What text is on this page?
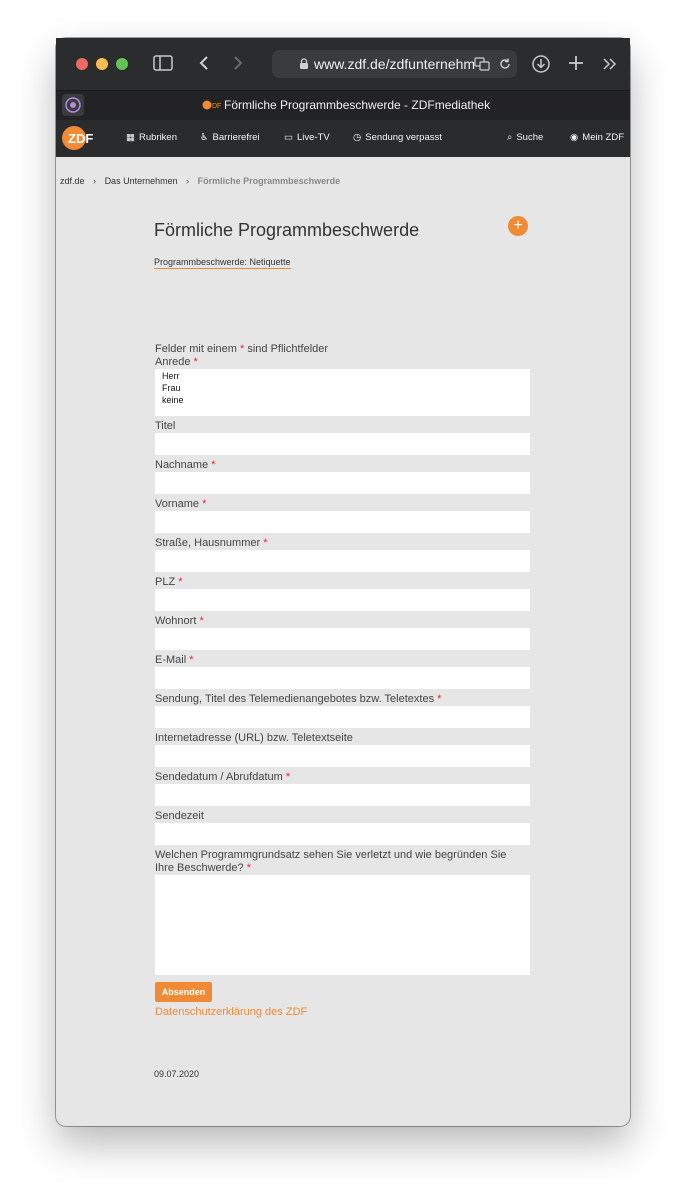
www.zdf.de/zdfunternehm
DF Förmliche Programmbeschwerde - ZDFmediathek
ZDF	▦ Rubriken ♿ Barrierefrei	▭ Live-TV ◷ Sendung verpasst	⌕ Suche	◉ Mein ZDF
zdf.de › Das Unternehmen › Förmliche Programmbeschwerde
Förmliche Programmbeschwerde	+
Programmbeschwerde: Netiquette
Felder mit einem * sind Pflichtfelder
Anrede *
Herr
Frau
keine
Titel
Nachname *
Vorname *
Straße, Hausnummer *
PLZ *
Wohnort *
E-Mail *
Sendung, Titel des Telemedienangebotes bzw. Teletextes *
Internetadresse (URL) bzw. Teletextseite
Sendedatum / Abrufdatum *
Sendezeit
Welchen Programmgrundsatz sehen Sie verletzt und wie begründen Sie
Ihre Beschwerde? *
Absenden
Datenschutzerklärung des ZDF
09.07.2020
